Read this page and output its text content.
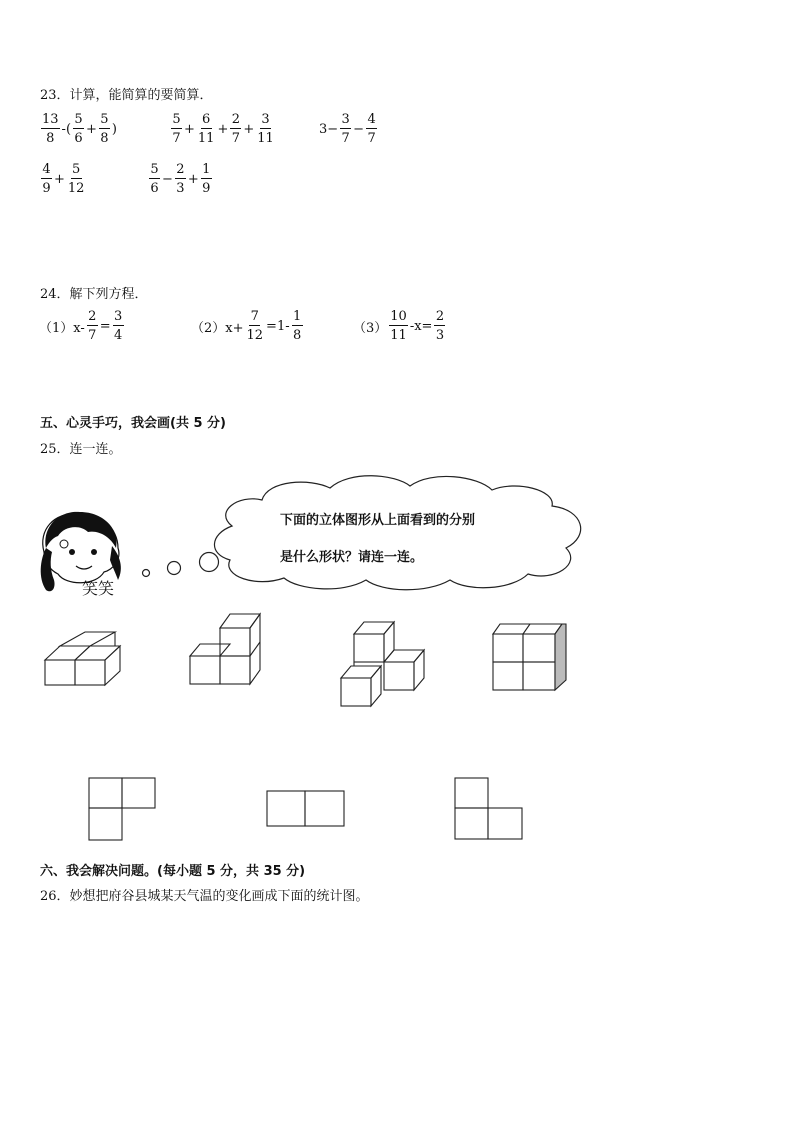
23．计算，能简算的要简算．
$\frac{13}{8}$ -( $\frac{5}{6} + \frac{5}{8}$ )	$\frac{5}{7} + \frac{6}{11} + \frac{2}{7} + \frac{3}{11}$	$3- \frac{3}{7} - \frac{4}{7}$
$\frac{4}{9} + \frac{5}{12}$	$\frac{5}{6} - \frac{2}{3} + \frac{1}{9}$
24．解下列方程．
$(1)x- \frac{2}{7} = \frac{3}{4}$	$(2)x+ \frac{7}{12} =1- \frac{1}{8}$	$(3) \frac{10}{11} -x= \frac{2}{3}$
五、心灵手巧，我会画(共 5 分)
25．连一连。
笑笑
下面的立体图形从上面看到的分别
是什么形状？请连一连。
六、我会解决问题。(每小题 5 分，共 35 分)
26．妙想把府谷县城某天气温的变化画成下面的统计图。
